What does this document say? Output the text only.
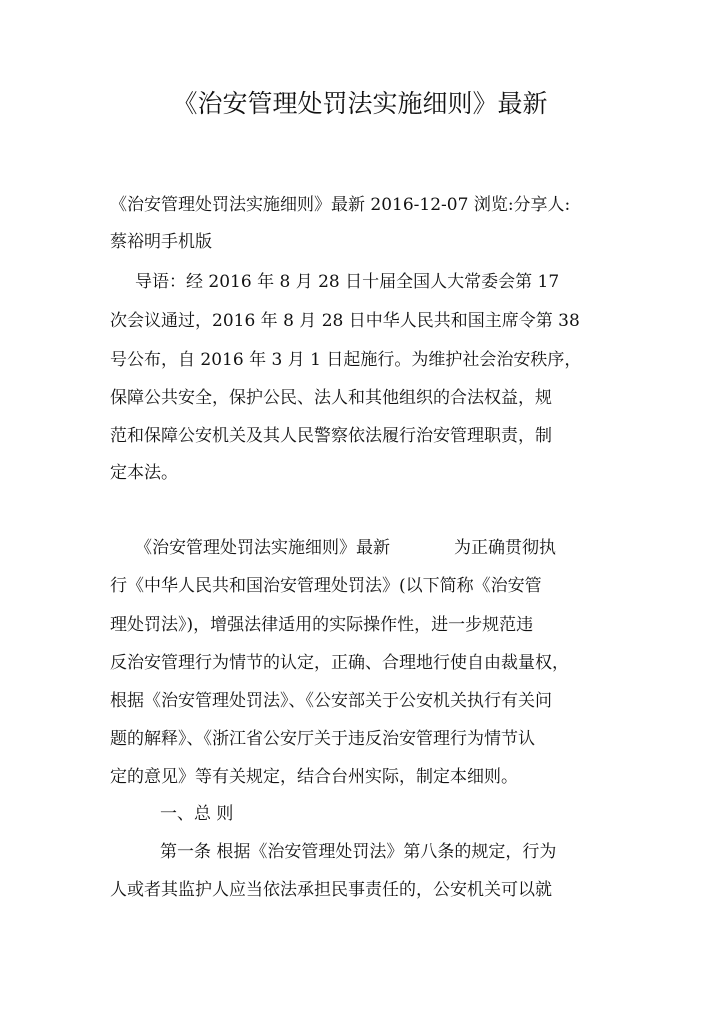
《治安管理处罚法实施细则》最新
《治安管理处罚法实施细则》最新 2016-12-07 浏览:分享人:
蔡裕明手机版
导语：经 2016 年 8 月 28 日十届全国人大常委会第 17
次会议通过，2016 年 8 月 28 日中华人民共和国主席令第 38
号公布，自 2016 年 3 月 1 日起施行。为维护社会治安秩序，
保障公共安全，保护公民、法人和其他组织的合法权益，规
范和保障公安机关及其人民警察依法履行治安管理职责，制
定本法。
《治安管理处罚法实施细则》最新	为正确贯彻执
行《中华人民共和国治安管理处罚法》(以下简称《治安管
理处罚法》)，增强法律适用的实际操作性，进一步规范违
反治安管理行为情节的认定，正确、合理地行使自由裁量权，
根据《治安管理处罚法》、《公安部关于公安机关执行有关问
题的解释》、《浙江省公安厅关于违反治安管理行为情节认
定的意见》等有关规定，结合台州实际，制定本细则。
一、总 则
第一条 根据《治安管理处罚法》第八条的规定，行为
人或者其监护人应当依法承担民事责任的，公安机关可以就
